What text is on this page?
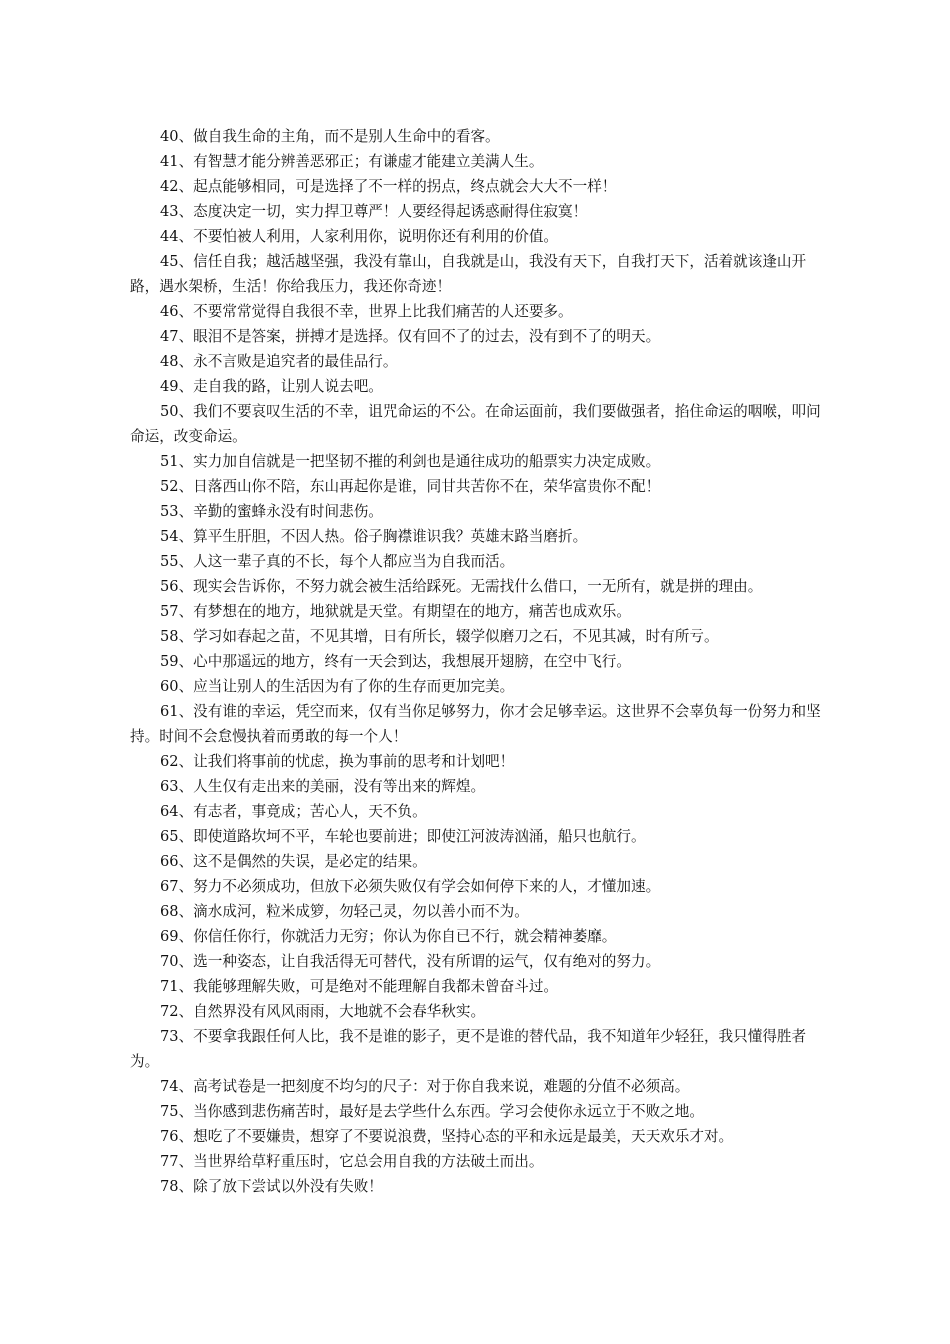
40、做自我生命的主角，而不是别人生命中的看客。

41、有智慧才能分辨善恶邪正；有谦虚才能建立美满人生。

42、起点能够相同，可是选择了不一样的拐点，终点就会大大不一样！

43、态度决定一切，实力捍卫尊严！人要经得起诱惑耐得住寂寞！

44、不要怕被人利用，人家利用你，说明你还有利用的价值。

45、信任自我；越活越坚强，我没有靠山，自我就是山，我没有天下，自我打天下，活着就该逢山开路，遇水架桥，生活！你给我压力，我还你奇迹！

46、不要常常觉得自我很不幸，世界上比我们痛苦的人还要多。

47、眼泪不是答案，拼搏才是选择。仅有回不了的过去，没有到不了的明天。

48、永不言败是追究者的最佳品行。

49、走自我的路，让别人说去吧。

50、我们不要哀叹生活的不幸，诅咒命运的不公。在命运面前，我们要做强者，掐住命运的咽喉，叩问命运，改变命运。

51、实力加自信就是一把坚韧不摧的利剑也是通往成功的船票实力决定成败。

52、日落西山你不陪，东山再起你是谁，同甘共苦你不在，荣华富贵你不配！

53、辛勤的蜜蜂永没有时间悲伤。

54、算平生肝胆，不因人热。俗子胸襟谁识我？英雄末路当磨折。

55、人这一辈子真的不长，每个人都应当为自我而活。

56、现实会告诉你，不努力就会被生活给踩死。无需找什么借口，一无所有，就是拼的理由。

57、有梦想在的地方，地狱就是天堂。有期望在的地方，痛苦也成欢乐。

58、学习如春起之苗，不见其增，日有所长，辍学似磨刀之石，不见其减，时有所亏。

59、心中那遥远的地方，终有一天会到达，我想展开翅膀，在空中飞行。

60、应当让别人的生活因为有了你的生存而更加完美。

61、没有谁的幸运，凭空而来，仅有当你足够努力，你才会足够幸运。这世界不会辜负每一份努力和坚持。时间不会怠慢执着而勇敢的每一个人！

62、让我们将事前的忧虑，换为事前的思考和计划吧！

63、人生仅有走出来的美丽，没有等出来的辉煌。

64、有志者，事竟成；苦心人，天不负。

65、即使道路坎坷不平，车轮也要前进；即使江河波涛汹涌，船只也航行。

66、这不是偶然的失误，是必定的结果。

67、努力不必须成功，但放下必须失败仅有学会如何停下来的人，才懂加速。

68、滴水成河，粒米成箩，勿轻己灵，勿以善小而不为。

69、你信任你行，你就活力无穷；你认为你自已不行，就会精神萎靡。

70、选一种姿态，让自我活得无可替代，没有所谓的运气，仅有绝对的努力。

71、我能够理解失败，可是绝对不能理解自我都未曾奋斗过。

72、自然界没有风风雨雨，大地就不会春华秋实。

73、不要拿我跟任何人比，我不是谁的影子，更不是谁的替代品，我不知道年少轻狂，我只懂得胜者为。

74、高考试卷是一把刻度不均匀的尺子：对于你自我来说，难题的分值不必须高。

75、当你感到悲伤痛苦时，最好是去学些什么东西。学习会使你永远立于不败之地。

76、想吃了不要嫌贵，想穿了不要说浪费，坚持心态的平和永远是最美，天天欢乐才对。

77、当世界给草籽重压时，它总会用自我的方法破土而出。

78、除了放下尝试以外没有失败！
